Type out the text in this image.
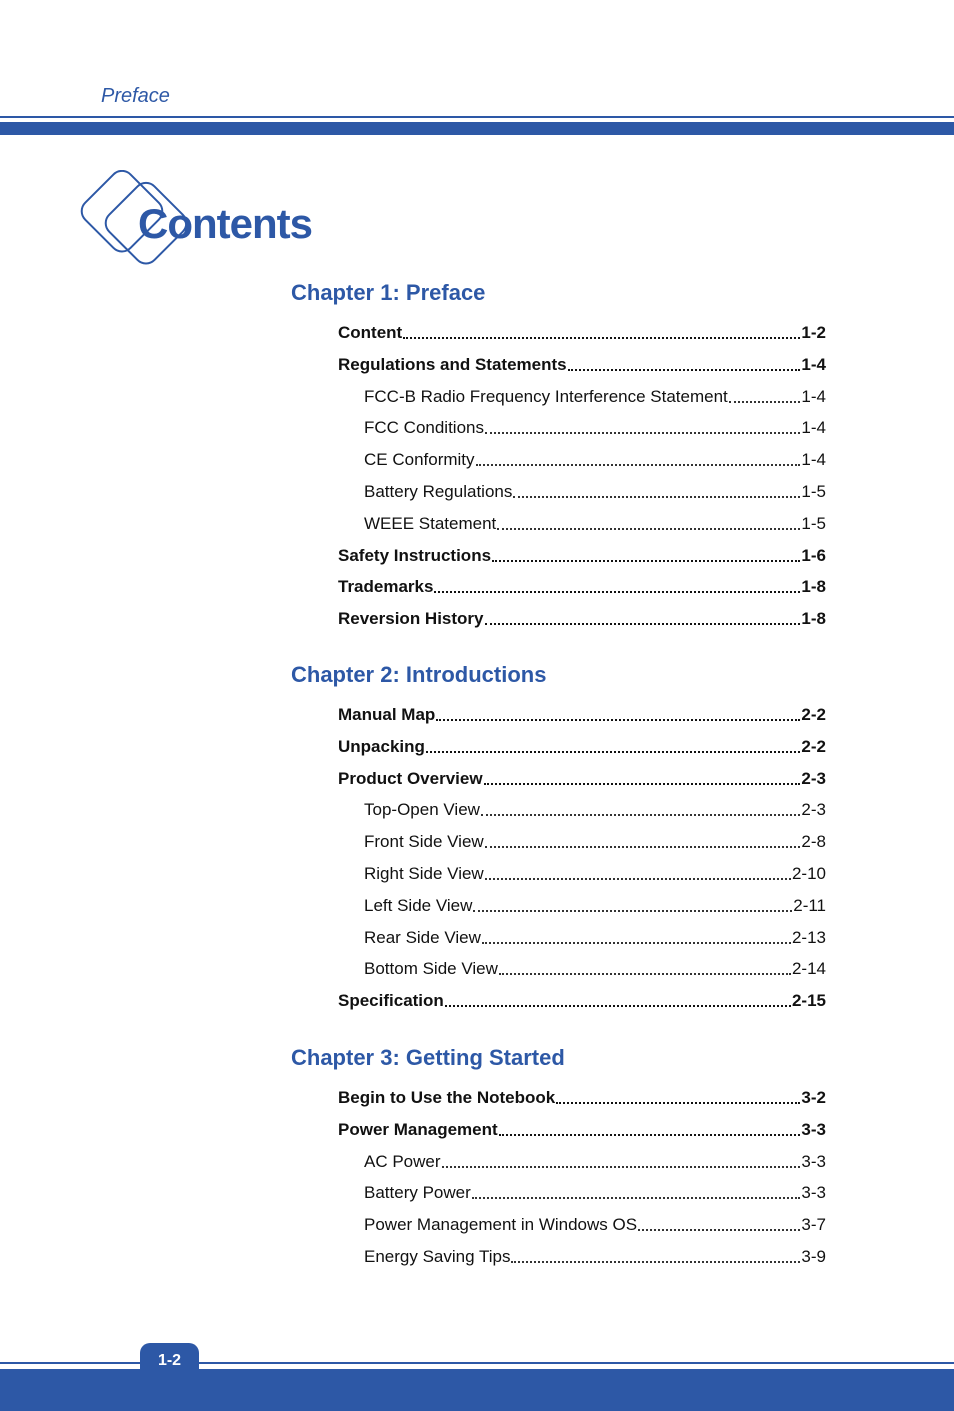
Preface
Contents
Chapter 1: Preface
Content	1-2
Regulations and Statements	1-4
FCC-B Radio Frequency Interference Statement	1-4
FCC Conditions	1-4
CE Conformity	1-4
Battery Regulations	1-5
WEEE Statement	1-5
Safety Instructions	1-6
Trademarks	1-8
Reversion History	1-8
Chapter 2: Introductions
Manual Map	2-2
Unpacking	2-2
Product Overview	2-3
Top-Open View	2-3
Front Side View	2-8
Right Side View	2-10
Left Side View	2-11
Rear Side View	2-13
Bottom Side View	2-14
Specification	2-15
Chapter 3: Getting Started
Begin to Use the Notebook	3-2
Power Management	3-3
AC Power	3-3
Battery Power	3-3
Power Management in Windows OS	3-7
Energy Saving Tips	3-9
1-2
